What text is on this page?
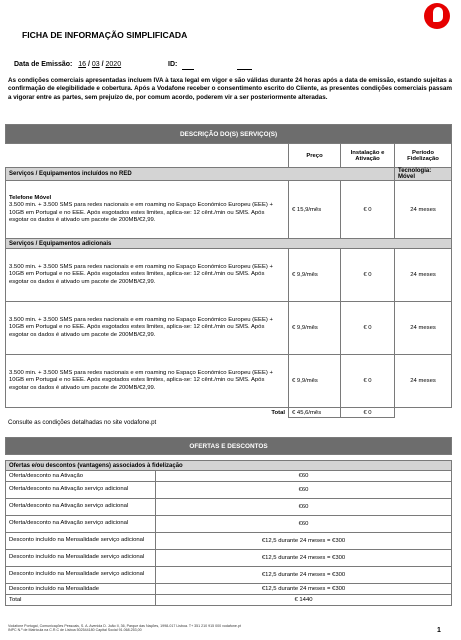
FICHA DE INFORMAÇÃO SIMPLIFICADA
Data de Emissão: 16 / 03 / 2020	ID:
As condições comerciais apresentadas incluem IVA à taxa legal em vigor e são válidas durante 24 horas após a data de emissão, estando sujeitas a confirmação de elegibilidade e cobertura. Após a Vodafone receber o consentimento escrito do Cliente, as presentes condições comerciais passam a vigorar entre as partes, sem prejuízo de, por comum acordo, poderem vir a ser posteriormente alteradas.
DESCRIÇÃO DO(S) SERVIÇO(S)			
	Preço	Instalação e Ativação	Período Fidelização
Serviços / Equipamentos incluídos no RED			Tecnologia: Móvel

Telefone Móvel
3.500 min. + 3.500 SMS para redes nacionais e em roaming no Espaço Económico Europeu (EEE) + 10GB em Portugal e no EEE. Após esgotados estes limites, aplica-se: 12 cênt./min ou SMS. Após esgotar os dados é ativado um pacote de 200MB/€2,99.	€ 15,9/mês	€ 0	24 meses
Serviços / Equipamentos adicionais			
3.500 min. + 3.500 SMS para redes nacionais e em roaming no Espaço Económico Europeu (EEE) + 10GB em Portugal e no EEE. Após esgotados estes limites, aplica-se: 12 cênt./min ou SMS. Após esgotar os dados é ativado um pacote de 200MB/€2,99.	€ 9,9/mês	€ 0	24 meses
3.500 min. + 3.500 SMS para redes nacionais e em roaming no Espaço Económico Europeu (EEE) + 10GB em Portugal e no EEE. Após esgotados estes limites, aplica-se: 12 cênt./min ou SMS. Após esgotar os dados é ativado um pacote de 200MB/€2,99.	€ 9,9/mês	€ 0	24 meses
3.500 min. + 3.500 SMS para redes nacionais e em roaming no Espaço Económico Europeu (EEE) + 10GB em Portugal e no EEE. Após esgotados estes limites, aplica-se: 12 cênt./min ou SMS. Após esgotar os dados é ativado um pacote de 200MB/€2,99.	€ 9,9/mês	€ 0	24 meses
Total	€ 45,6/mês	€ 0	
Consulte as condições detalhadas no site vodafone.pt
OFERTAS E DESCONTOS	

Ofertas e/ou descontos (vantagens) associados à fidelização	
Oferta/desconto na Ativação	€60
Oferta/desconto na Ativação serviço adicional	€60
Oferta/desconto na Ativação serviço adicional	€60
Oferta/desconto na Ativação serviço adicional	€60
Desconto incluído na Mensalidade serviço adicional	€12,5 durante 24 meses = €300
Desconto incluído na Mensalidade serviço adicional	€12,5 durante 24 meses = €300
Desconto incluído na Mensalidade serviço adicional	€12,5 durante 24 meses = €300
Desconto incluído na Mensalidade	€12,5 durante 24 meses = €300
Total	€ 1440
Vodafone Portugal, Comunicações Pessoais, S. A. Avenida D. João II, 36, Parque das Nações, 1998-017 Lisboa. T+ 351 210 915 000 vodafone.pt
INPC N.º de Matrícula na C.R.C de Lisboa 502544180 Capital Social 91.068.253,00	1
